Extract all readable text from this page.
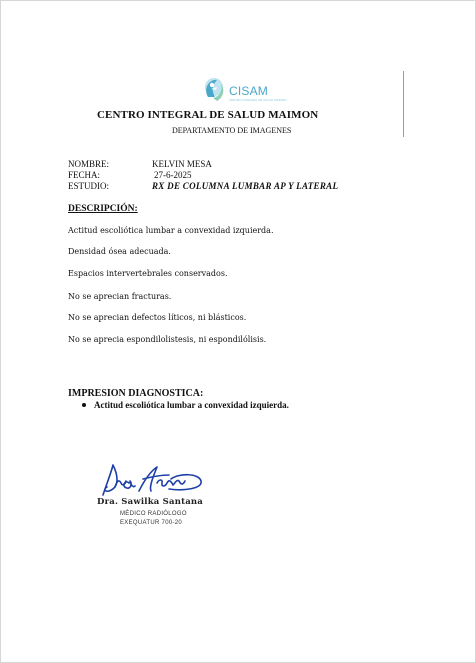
CISAM
CENTRO INTEGRAL DE SALUD MAIMON
CENTRO INTEGRAL DE SALUD MAIMON
DEPARTAMENTO DE IMAGENES
NOMBRE:	KELVIN MESA
FECHA:	27-6-2025
ESTUDIO:	RX DE COLUMNA LUMBAR AP Y LATERAL
DESCRIPCIÓN:
Actitud escoliótica lumbar a convexidad izquierda.
Densidad ósea adecuada.
Espacios intervertebrales conservados.
No se aprecian fracturas.
No se aprecian defectos líticos, ni blásticos.
No se aprecia espondilolistesis, ni espondilólisis.
IMPRESION DIAGNOSTICA:
Actitud escoliótica lumbar a convexidad izquierda.
Dra. Sawilka Santana
MÉDICO RADIÓLOGO
EXEQUATUR 700-20
